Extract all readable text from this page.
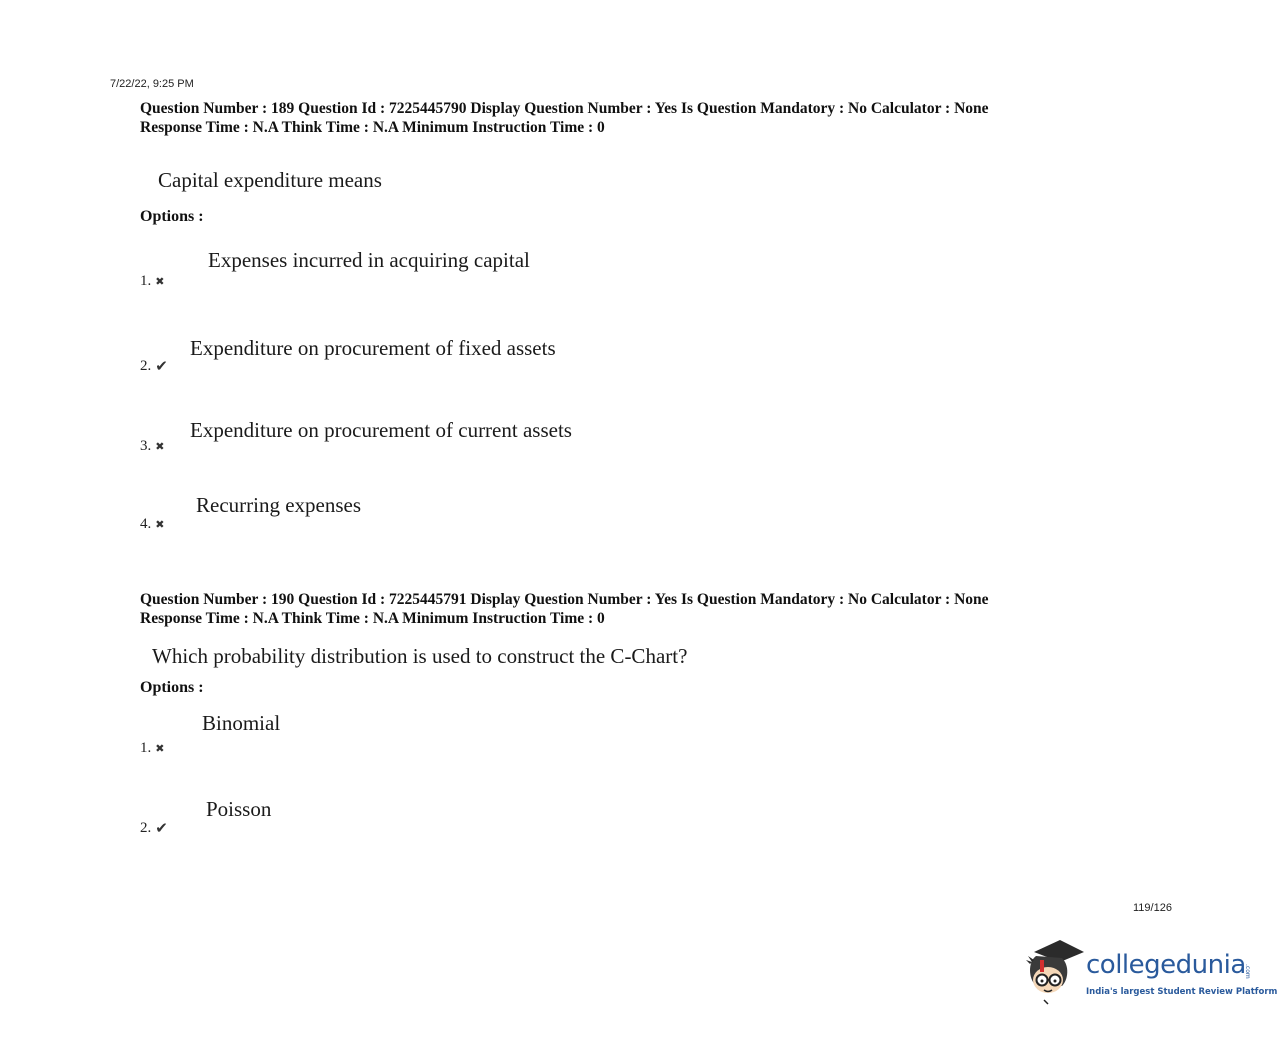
7/22/22, 9:25 PM
Question Number : 189 Question Id : 7225445790 Display Question Number : Yes Is Question Mandatory : No Calculator : None
Response Time : N.A Think Time : N.A Minimum Instruction Time : 0
Capital expenditure means
Options :
Expenses incurred in acquiring capital
1. ✖
Expenditure on procurement of fixed assets
2. ✔
Expenditure on procurement of current assets
3. ✖
Recurring expenses
4. ✖
Question Number : 190 Question Id : 7225445791 Display Question Number : Yes Is Question Mandatory : No Calculator : None
Response Time : N.A Think Time : N.A Minimum Instruction Time : 0
Which probability distribution is used to construct the C-Chart?
Options :
Binomial
1. ✖
Poisson
2. ✔
119/126
collegedunia
.com
India's largest Student Review Platform
